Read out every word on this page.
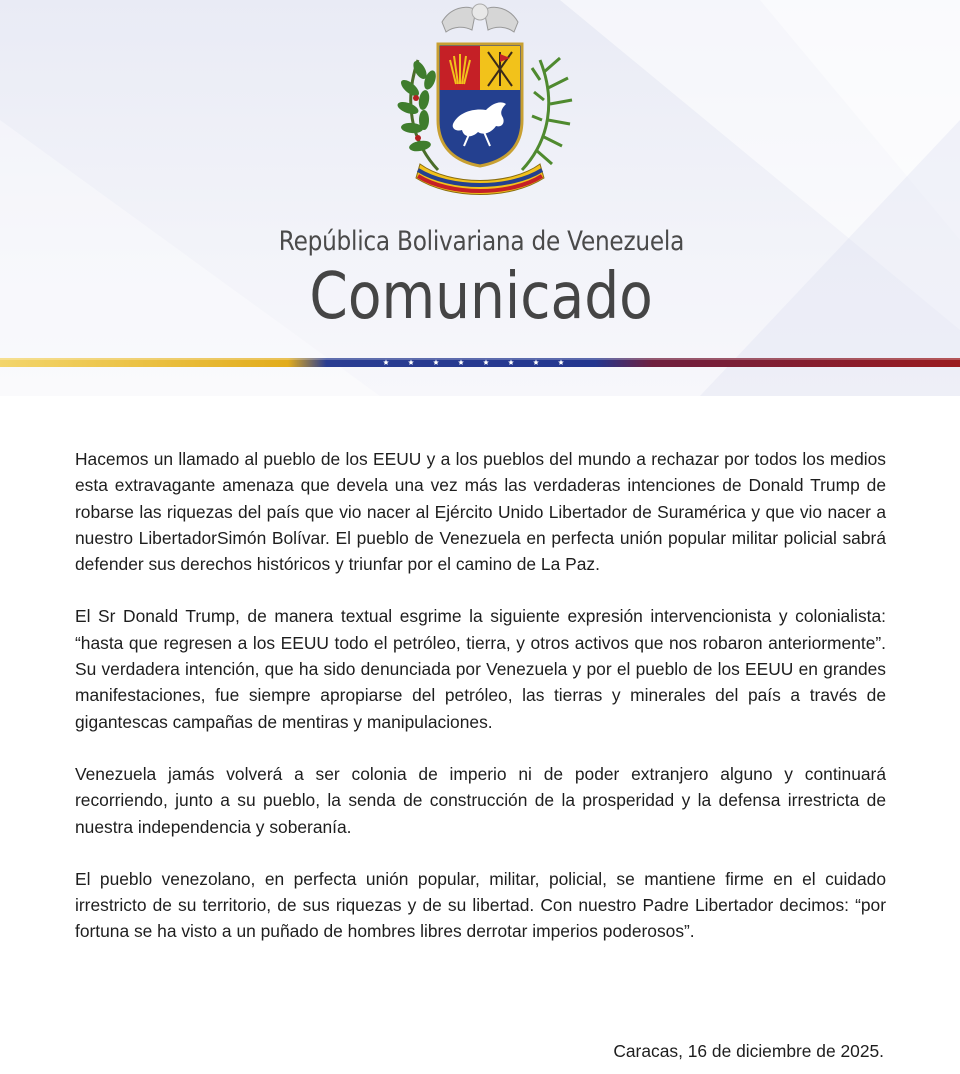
República Bolivariana de Venezuela
Comunicado

Hacemos un llamado al pueblo de los EEUU y a los pueblos del mundo a rechazar por todos los medios esta extravagante amenaza que devela una vez más las verdaderas intenciones de Donald Trump de robarse las riquezas del país que vio nacer al Ejército Unido Libertador de Suramérica y que vio nacer a nuestro LibertadorSimón Bolívar. El pueblo de Venezuela en perfecta unión popular militar policial sabrá defender sus derechos históricos y triunfar por el camino de La Paz.

El Sr Donald Trump, de manera textual esgrime la siguiente expresión intervencionista y colonialista: “hasta que regresen a los EEUU todo el petróleo, tierra, y otros activos que nos robaron anteriormente”. Su verdadera intención, que ha sido denunciada por Venezuela y por el pueblo de los EEUU en grandes manifestaciones, fue siempre apropiarse del petróleo, las tierras y minerales del país a través de gigantescas campañas de mentiras y manipulaciones.

Venezuela jamás volverá a ser colonia de imperio ni de poder extranjero alguno y continuará recorriendo, junto a su pueblo, la senda de construcción de la prosperidad y la defensa irrestricta de nuestra independencia y soberanía.

El pueblo venezolano, en perfecta unión popular, militar, policial, se mantiene firme en el cuidado irrestricto de su territorio, de sus riquezas y de su libertad. Con nuestro Padre Libertador decimos: “por fortuna se ha visto a un puñado de hombres libres derrotar imperios poderosos”.

Caracas, 16 de diciembre de 2025.
